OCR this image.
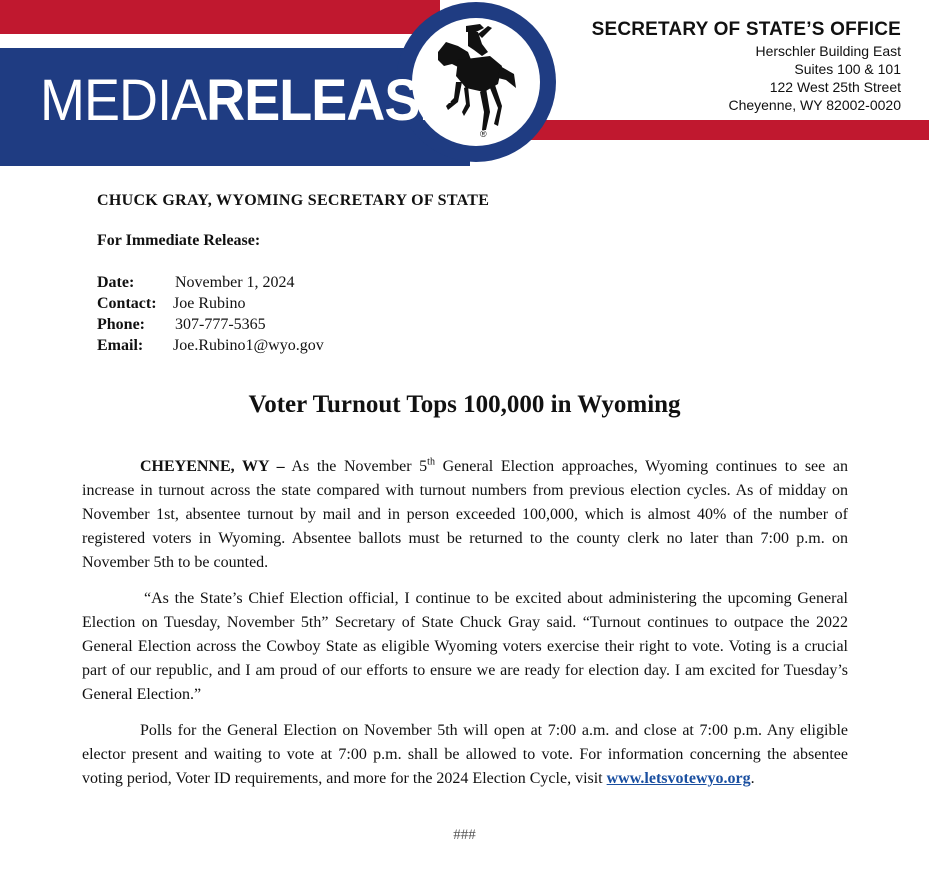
®
MEDIARELEASE
SECRETARY OF STATE’S OFFICE
Herschler Building East
Suites 100 & 101
122 West 25th Street
Cheyenne, WY 82002-0020
CHUCK GRAY, WYOMING SECRETARY OF STATE
For Immediate Release:
Date:	November 1, 2024
Contact:	Joe Rubino
Phone:	307-777-5365
Email:	Joe.Rubino1@wyo.gov
Voter Turnout Tops 100,000 in Wyoming

CHEYENNE, WY – As the November 5th General Election approaches, Wyoming continues to see an increase in turnout across the state compared with turnout numbers from previous election cycles. As of midday on November 1st, absentee turnout by mail and in person exceeded 100,000, which is almost 40% of the number of registered voters in Wyoming. Absentee ballots must be returned to the county clerk no later than 7:00 p.m. on November 5th to be counted.

“As the State’s Chief Election official, I continue to be excited about administering the upcoming General Election on Tuesday, November 5th” Secretary of State Chuck Gray said. “Turnout continues to outpace the 2022 General Election across the Cowboy State as eligible Wyoming voters exercise their right to vote. Voting is a crucial part of our republic, and I am proud of our efforts to ensure we are ready for election day. I am excited for Tuesday’s General Election.”

Polls for the General Election on November 5th will open at 7:00 a.m. and close at 7:00 p.m. Any eligible elector present and waiting to vote at 7:00 p.m. shall be allowed to vote. For information concerning the absentee voting period, Voter ID requirements, and more for the 2024 Election Cycle, visit www.letsvotewyo.org.

###
